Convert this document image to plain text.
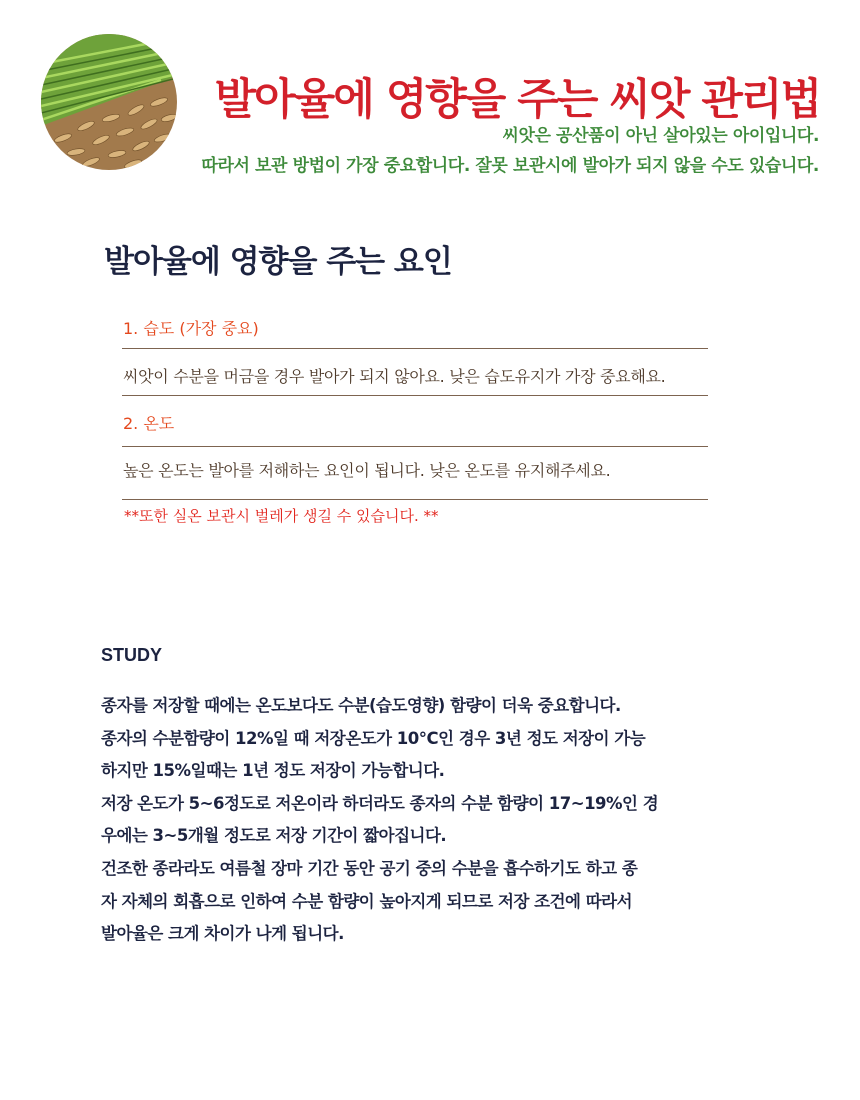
발아율에 영향을 주는 씨앗 관리법

씨앗은 공산품이 아닌 살아있는 아이입니다.

따라서 보관 방법이 가장 중요합니다. 잘못 보관시에 발아가 되지 않을 수도 있습니다.

발아율에 영향을 주는 요인

1. 습도 (가장 중요)

씨앗이 수분을 머금을 경우 발아가 되지 않아요. 낮은 습도유지가 가장 중요해요.

2. 온도

높은 온도는 발아를 저해하는 요인이 됩니다. 낮은 온도를 유지해주세요.

**또한 실온 보관시 벌레가 생길 수 있습니다. **

STUDY

종자를 저장할 때에는 온도보다도 수분(습도영향) 함량이 더욱 중요합니다.

종자의 수분함량이 12%일 때 저장온도가 10°C인 경우 3년 정도 저장이 가능

하지만 15%일때는 1년 정도 저장이 가능합니다.

저장 온도가 5~6정도로 저온이라 하더라도 종자의 수분 함량이 17~19%인 경

우에는 3~5개월 정도로 저장 기간이 짧아집니다.

건조한 종라라도 여름철 장마 기간 동안 공기 중의 수분을 흡수하기도 하고 종

자 자체의 회흡으로 인하여 수분 함량이 높아지게 되므로 저장 조건에 따라서

발아율은 크게 차이가 나게 됩니다.
